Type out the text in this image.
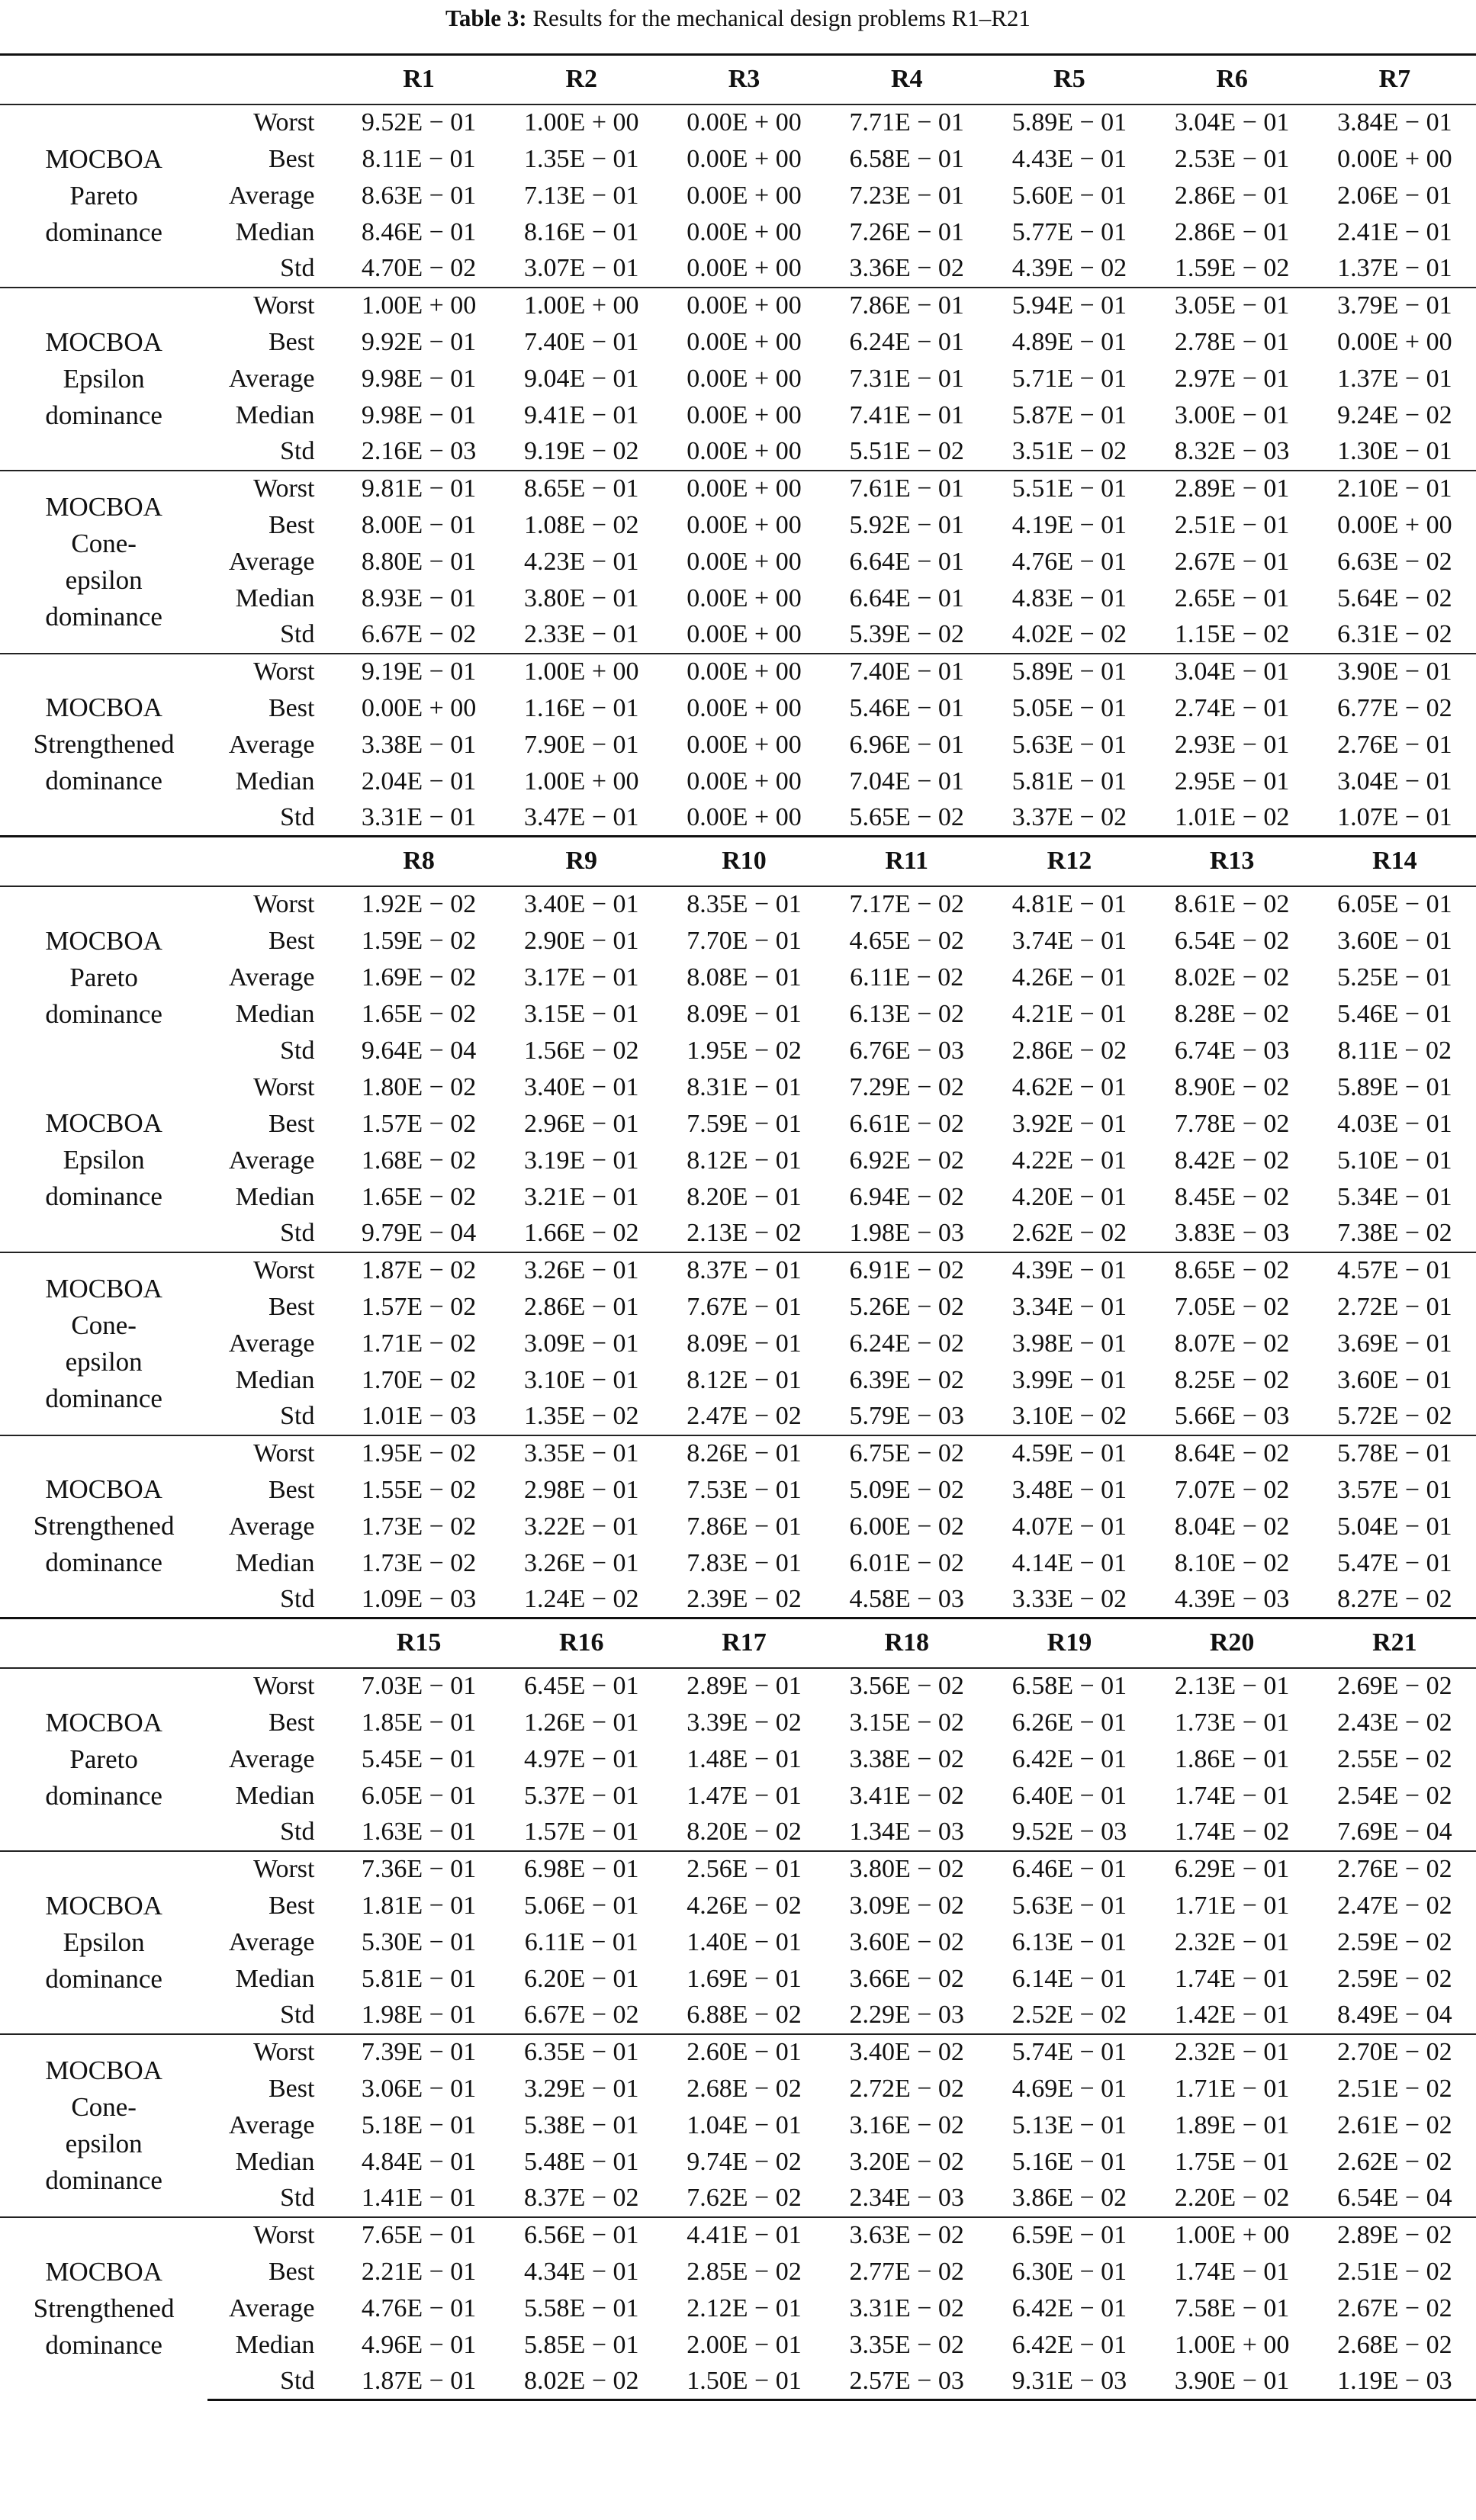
Table 3: Results for the mechanical design problems R1–R21
		R1	R2	R3	R4	R5	R6	R7

MOCBOA
Pareto
dominance	Worst	9.52E − 01	1.00E + 00	0.00E + 00	7.71E − 01	5.89E − 01	3.04E − 01	3.84E − 01
	Best	8.11E − 01	1.35E − 01	0.00E + 00	6.58E − 01	4.43E − 01	2.53E − 01	0.00E + 00
	Average	8.63E − 01	7.13E − 01	0.00E + 00	7.23E − 01	5.60E − 01	2.86E − 01	2.06E − 01
	Median	8.46E − 01	8.16E − 01	0.00E + 00	7.26E − 01	5.77E − 01	2.86E − 01	2.41E − 01
	Std	4.70E − 02	3.07E − 01	0.00E + 00	3.36E − 02	4.39E − 02	1.59E − 02	1.37E − 01

MOCBOA
Epsilon
dominance	Worst	1.00E + 00	1.00E + 00	0.00E + 00	7.86E − 01	5.94E − 01	3.05E − 01	3.79E − 01
	Best	9.92E − 01	7.40E − 01	0.00E + 00	6.24E − 01	4.89E − 01	2.78E − 01	0.00E + 00
	Average	9.98E − 01	9.04E − 01	0.00E + 00	7.31E − 01	5.71E − 01	2.97E − 01	1.37E − 01
	Median	9.98E − 01	9.41E − 01	0.00E + 00	7.41E − 01	5.87E − 01	3.00E − 01	9.24E − 02
	Std	2.16E − 03	9.19E − 02	0.00E + 00	5.51E − 02	3.51E − 02	8.32E − 03	1.30E − 01

MOCBOA
Cone-
epsilon
dominance	Worst	9.81E − 01	8.65E − 01	0.00E + 00	7.61E − 01	5.51E − 01	2.89E − 01	2.10E − 01
	Best	8.00E − 01	1.08E − 02	0.00E + 00	5.92E − 01	4.19E − 01	2.51E − 01	0.00E + 00
	Average	8.80E − 01	4.23E − 01	0.00E + 00	6.64E − 01	4.76E − 01	2.67E − 01	6.63E − 02
	Median	8.93E − 01	3.80E − 01	0.00E + 00	6.64E − 01	4.83E − 01	2.65E − 01	5.64E − 02
	Std	6.67E − 02	2.33E − 01	0.00E + 00	5.39E − 02	4.02E − 02	1.15E − 02	6.31E − 02

MOCBOA
Strengthened
dominance	Worst	9.19E − 01	1.00E + 00	0.00E + 00	7.40E − 01	5.89E − 01	3.04E − 01	3.90E − 01
	Best	0.00E + 00	1.16E − 01	0.00E + 00	5.46E − 01	5.05E − 01	2.74E − 01	6.77E − 02
	Average	3.38E − 01	7.90E − 01	0.00E + 00	6.96E − 01	5.63E − 01	2.93E − 01	2.76E − 01
	Median	2.04E − 01	1.00E + 00	0.00E + 00	7.04E − 01	5.81E − 01	2.95E − 01	3.04E − 01
	Std	3.31E − 01	3.47E − 01	0.00E + 00	5.65E − 02	3.37E − 02	1.01E − 02	1.07E − 01
		R8	R9	R10	R11	R12	R13	R14

MOCBOA
Pareto
dominance	Worst	1.92E − 02	3.40E − 01	8.35E − 01	7.17E − 02	4.81E − 01	8.61E − 02	6.05E − 01
	Best	1.59E − 02	2.90E − 01	7.70E − 01	4.65E − 02	3.74E − 01	6.54E − 02	3.60E − 01
	Average	1.69E − 02	3.17E − 01	8.08E − 01	6.11E − 02	4.26E − 01	8.02E − 02	5.25E − 01
	Median	1.65E − 02	3.15E − 01	8.09E − 01	6.13E − 02	4.21E − 01	8.28E − 02	5.46E − 01
	Std	9.64E − 04	1.56E − 02	1.95E − 02	6.76E − 03	2.86E − 02	6.74E − 03	8.11E − 02

MOCBOA
Epsilon
dominance	Worst	1.80E − 02	3.40E − 01	8.31E − 01	7.29E − 02	4.62E − 01	8.90E − 02	5.89E − 01
	Best	1.57E − 02	2.96E − 01	7.59E − 01	6.61E − 02	3.92E − 01	7.78E − 02	4.03E − 01
	Average	1.68E − 02	3.19E − 01	8.12E − 01	6.92E − 02	4.22E − 01	8.42E − 02	5.10E − 01
	Median	1.65E − 02	3.21E − 01	8.20E − 01	6.94E − 02	4.20E − 01	8.45E − 02	5.34E − 01
	Std	9.79E − 04	1.66E − 02	2.13E − 02	1.98E − 03	2.62E − 02	3.83E − 03	7.38E − 02

MOCBOA
Cone-
epsilon
dominance	Worst	1.87E − 02	3.26E − 01	8.37E − 01	6.91E − 02	4.39E − 01	8.65E − 02	4.57E − 01
	Best	1.57E − 02	2.86E − 01	7.67E − 01	5.26E − 02	3.34E − 01	7.05E − 02	2.72E − 01
	Average	1.71E − 02	3.09E − 01	8.09E − 01	6.24E − 02	3.98E − 01	8.07E − 02	3.69E − 01
	Median	1.70E − 02	3.10E − 01	8.12E − 01	6.39E − 02	3.99E − 01	8.25E − 02	3.60E − 01
	Std	1.01E − 03	1.35E − 02	2.47E − 02	5.79E − 03	3.10E − 02	5.66E − 03	5.72E − 02

MOCBOA
Strengthened
dominance	Worst	1.95E − 02	3.35E − 01	8.26E − 01	6.75E − 02	4.59E − 01	8.64E − 02	5.78E − 01
	Best	1.55E − 02	2.98E − 01	7.53E − 01	5.09E − 02	3.48E − 01	7.07E − 02	3.57E − 01
	Average	1.73E − 02	3.22E − 01	7.86E − 01	6.00E − 02	4.07E − 01	8.04E − 02	5.04E − 01
	Median	1.73E − 02	3.26E − 01	7.83E − 01	6.01E − 02	4.14E − 01	8.10E − 02	5.47E − 01
	Std	1.09E − 03	1.24E − 02	2.39E − 02	4.58E − 03	3.33E − 02	4.39E − 03	8.27E − 02
		R15	R16	R17	R18	R19	R20	R21

MOCBOA
Pareto
dominance	Worst	7.03E − 01	6.45E − 01	2.89E − 01	3.56E − 02	6.58E − 01	2.13E − 01	2.69E − 02
	Best	1.85E − 01	1.26E − 01	3.39E − 02	3.15E − 02	6.26E − 01	1.73E − 01	2.43E − 02
	Average	5.45E − 01	4.97E − 01	1.48E − 01	3.38E − 02	6.42E − 01	1.86E − 01	2.55E − 02
	Median	6.05E − 01	5.37E − 01	1.47E − 01	3.41E − 02	6.40E − 01	1.74E − 01	2.54E − 02
	Std	1.63E − 01	1.57E − 01	8.20E − 02	1.34E − 03	9.52E − 03	1.74E − 02	7.69E − 04

MOCBOA
Epsilon
dominance	Worst	7.36E − 01	6.98E − 01	2.56E − 01	3.80E − 02	6.46E − 01	6.29E − 01	2.76E − 02
	Best	1.81E − 01	5.06E − 01	4.26E − 02	3.09E − 02	5.63E − 01	1.71E − 01	2.47E − 02
	Average	5.30E − 01	6.11E − 01	1.40E − 01	3.60E − 02	6.13E − 01	2.32E − 01	2.59E − 02
	Median	5.81E − 01	6.20E − 01	1.69E − 01	3.66E − 02	6.14E − 01	1.74E − 01	2.59E − 02
	Std	1.98E − 01	6.67E − 02	6.88E − 02	2.29E − 03	2.52E − 02	1.42E − 01	8.49E − 04

MOCBOA
Cone-
epsilon
dominance	Worst	7.39E − 01	6.35E − 01	2.60E − 01	3.40E − 02	5.74E − 01	2.32E − 01	2.70E − 02
	Best	3.06E − 01	3.29E − 01	2.68E − 02	2.72E − 02	4.69E − 01	1.71E − 01	2.51E − 02
	Average	5.18E − 01	5.38E − 01	1.04E − 01	3.16E − 02	5.13E − 01	1.89E − 01	2.61E − 02
	Median	4.84E − 01	5.48E − 01	9.74E − 02	3.20E − 02	5.16E − 01	1.75E − 01	2.62E − 02
	Std	1.41E − 01	8.37E − 02	7.62E − 02	2.34E − 03	3.86E − 02	2.20E − 02	6.54E − 04

MOCBOA
Strengthened
dominance	Worst	7.65E − 01	6.56E − 01	4.41E − 01	3.63E − 02	6.59E − 01	1.00E + 00	2.89E − 02
	Best	2.21E − 01	4.34E − 01	2.85E − 02	2.77E − 02	6.30E − 01	1.74E − 01	2.51E − 02
	Average	4.76E − 01	5.58E − 01	2.12E − 01	3.31E − 02	6.42E − 01	7.58E − 01	2.67E − 02
	Median	4.96E − 01	5.85E − 01	2.00E − 01	3.35E − 02	6.42E − 01	1.00E + 00	2.68E − 02
	Std	1.87E − 01	8.02E − 02	1.50E − 01	2.57E − 03	9.31E − 03	3.90E − 01	1.19E − 03
